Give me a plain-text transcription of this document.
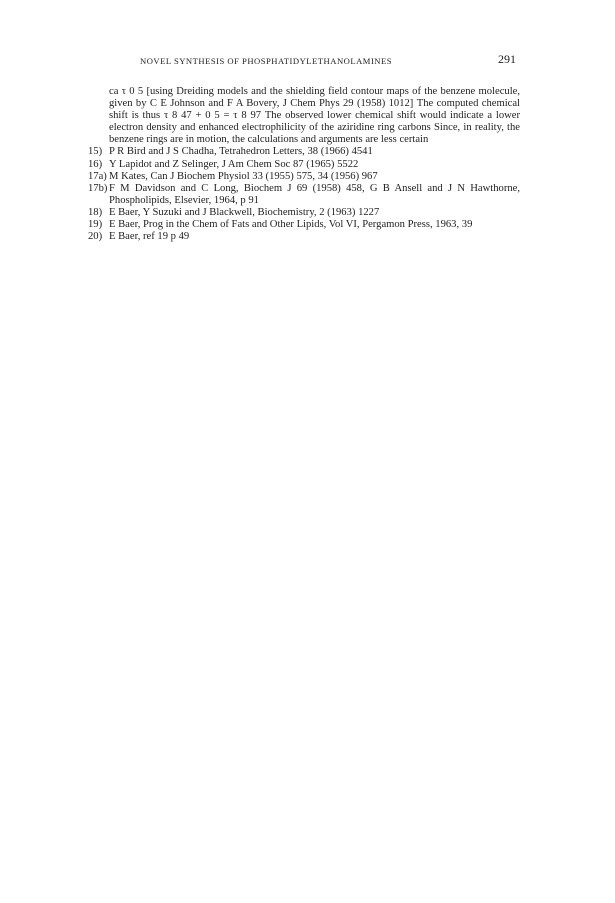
NOVEL SYNTHESIS OF PHOSPHATIDYLETHANOLAMINES	291

ca τ 0 5 [using Dreiding models and the shielding field contour maps of the benzene molecule, given by C E Johnson and F A Bovery, J Chem Phys 29 (1958) 1012] The computed chemical shift is thus τ 8 47 + 0 5 = τ 8 97 The observed lower chemical shift would indicate a lower electron density and enhanced electrophilicity of the aziridine ring carbons Since, in reality, the benzene rings are in motion, the calculations and arguments are less certain

15) P R Bird and J S Chadha, Tetrahedron Letters, 38 (1966) 4541

16) Y Lapidot and Z Selinger, J Am Chem Soc 87 (1965) 5522

17a) M Kates, Can J Biochem Physiol 33 (1955) 575, 34 (1956) 967

17b) F M Davidson and C Long, Biochem J 69 (1958) 458, G B Ansell and J N Hawthorne, Phospholipids, Elsevier, 1964, p 91

18) E Baer, Y Suzuki and J Blackwell, Biochemistry, 2 (1963) 1227

19) E Baer, Prog in the Chem of Fats and Other Lipids, Vol VI, Pergamon Press, 1963, 39

20) E Baer, ref 19 p 49
